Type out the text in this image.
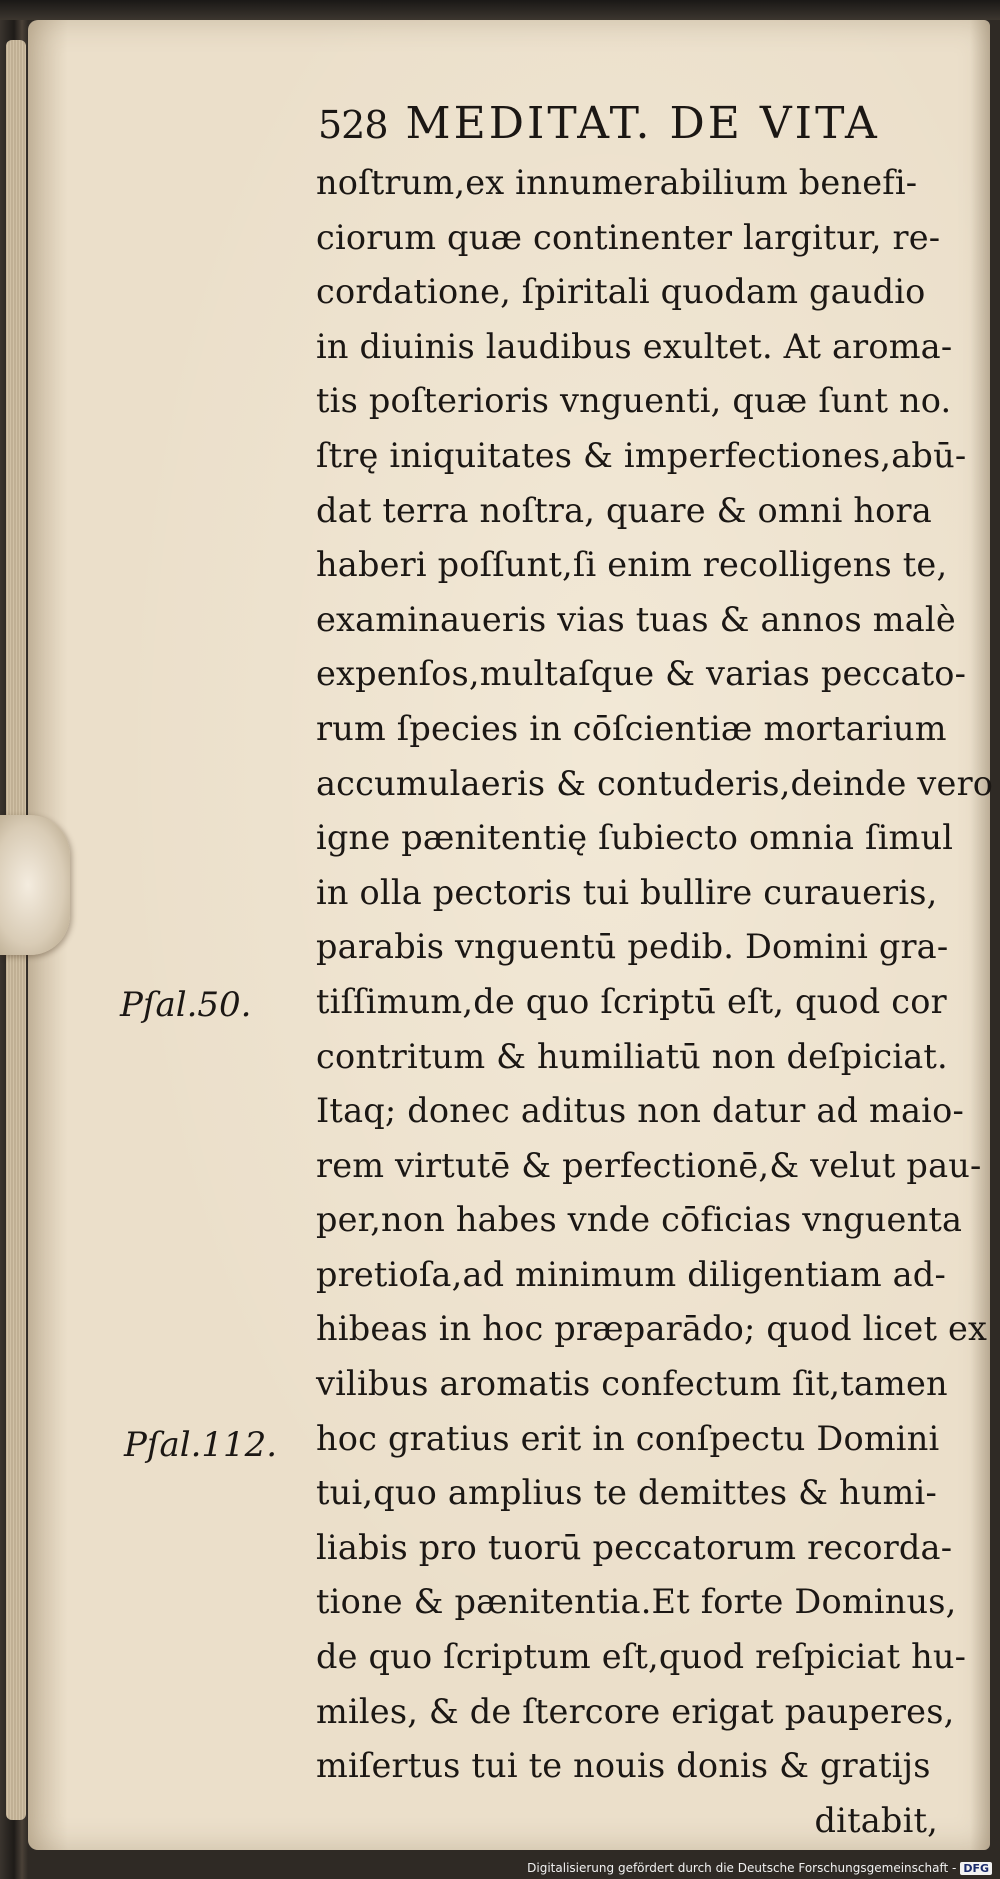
528 MEDITAT. DE VITA
noſtrum,ex innumerabilium benefi-
ciorum quæ continenter largitur, re-
cordatione, ſpiritali quodam gaudio
in diuinis laudibus exultet. At aroma-
tis poſterioris vnguenti, quæ ſunt no.
ſtrę iniquitates & imperfectiones,abū-
dat terra noſtra, quare & omni hora
haberi poſſunt,ſi enim recolligens te,
examinaueris vias tuas & annos malè
expenſos,multaſque & varias peccato-
rum ſpecies in cōſcientiæ mortarium
accumulaeris & contuderis,deinde vero
igne pænitentię ſubiecto omnia ſimul
in olla pectoris tui bullire curaueris,
parabis vnguentū pedib. Domini gra-
tiſſimum,de quo ſcriptū eſt, quod cor
contritum & humiliatū non deſpiciat.
Itaq; donec aditus non datur ad maio-
rem virtutē & perfectionē,& velut pau-
per,non habes vnde cōficias vnguenta
pretioſa,ad minimum diligentiam ad-
hibeas in hoc præparādo; quod licet ex
vilibus aromatis confectum ſit,tamen
hoc gratius erit in conſpectu Domini
tui,quo amplius te demittes & humi-
liabis pro tuorū peccatorum recorda-
tione & pænitentia.Et forte Dominus,
de quo ſcriptum eſt,quod reſpiciat hu-
miles, & de ſtercore erigat pauperes,
miſertus tui te nouis donis & gratijs
ditabit,
Pſal.50.
Pſal.112.
Digitalisierung gefördert durch die Deutsche Forschungsgemeinschaft - DFG
